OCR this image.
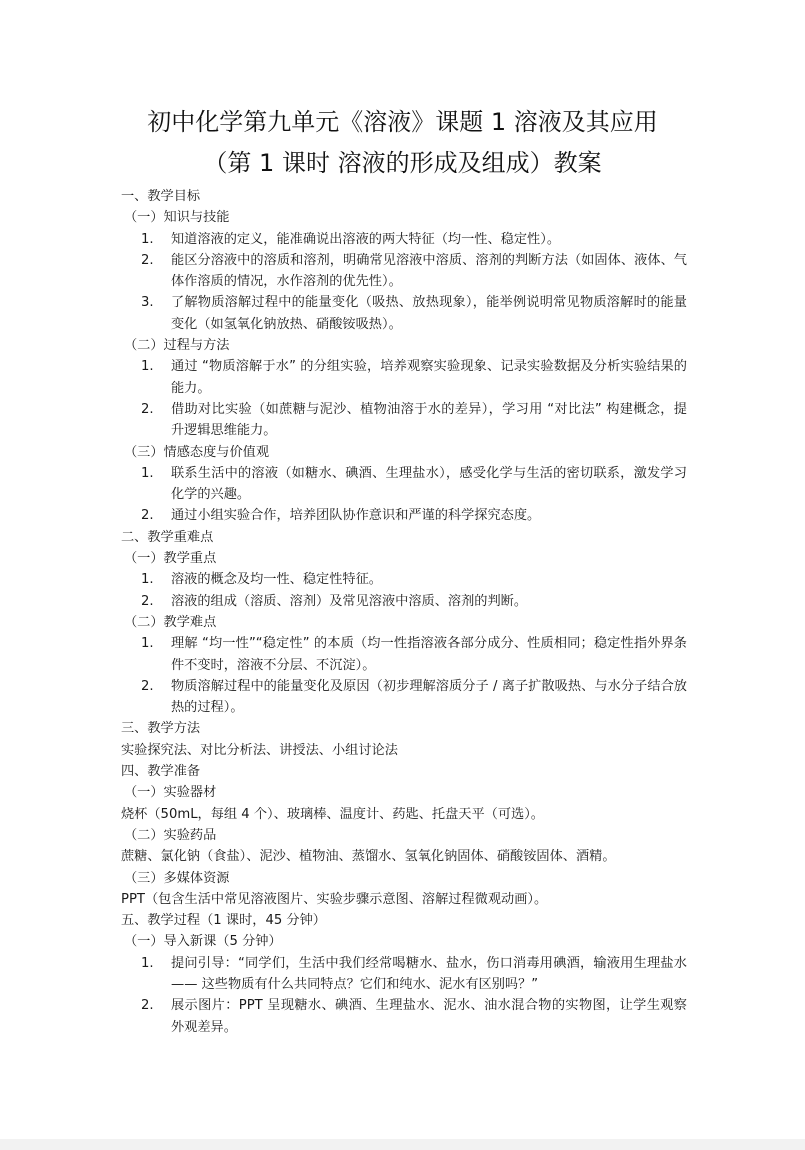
初中化学第九单元《溶液》课题 1 溶液及其应用
（第 1 课时 溶液的形成及组成）教案
一、教学目标
（一）知识与技能
1.	知道溶液的定义，能准确说出溶液的两大特征（均一性、稳定性）。
2.	能区分溶液中的溶质和溶剂，明确常见溶液中溶质、溶剂的判断方法（如固体、液体、气体作溶质的情况，水作溶剂的优先性）。
3.	了解物质溶解过程中的能量变化（吸热、放热现象），能举例说明常见物质溶解时的能量变化（如氢氧化钠放热、硝酸铵吸热）。
（二）过程与方法
1.	通过 “物质溶解于水” 的分组实验，培养观察实验现象、记录实验数据及分析实验结果的能力。
2.	借助对比实验（如蔗糖与泥沙、植物油溶于水的差异），学习用 “对比法” 构建概念，提升逻辑思维能力。
（三）情感态度与价值观
1.	联系生活中的溶液（如糖水、碘酒、生理盐水），感受化学与生活的密切联系，激发学习化学的兴趣。
2.	通过小组实验合作，培养团队协作意识和严谨的科学探究态度。
二、教学重难点
（一）教学重点
1.	溶液的概念及均一性、稳定性特征。
2.	溶液的组成（溶质、溶剂）及常见溶液中溶质、溶剂的判断。
（二）教学难点
1.	理解 “均一性”“稳定性” 的本质（均一性指溶液各部分成分、性质相同；稳定性指外界条件不变时，溶液不分层、不沉淀）。
2.	物质溶解过程中的能量变化及原因（初步理解溶质分子 / 离子扩散吸热、与水分子结合放热的过程）。
三、教学方法
实验探究法、对比分析法、讲授法、小组讨论法
四、教学准备
（一）实验器材
烧杯（50mL，每组 4 个）、玻璃棒、温度计、药匙、托盘天平（可选）。
（二）实验药品
蔗糖、氯化钠（食盐）、泥沙、植物油、蒸馏水、氢氧化钠固体、硝酸铵固体、酒精。
（三）多媒体资源
PPT（包含生活中常见溶液图片、实验步骤示意图、溶解过程微观动画）。
五、教学过程（1 课时，45 分钟）
（一）导入新课（5 分钟）
1.	提问引导：“同学们，生活中我们经常喝糖水、盐水，伤口消毒用碘酒，输液用生理盐水 —— 这些物质有什么共同特点？它们和纯水、泥水有区别吗？”
2.	展示图片：PPT 呈现糖水、碘酒、生理盐水、泥水、油水混合物的实物图，让学生观察外观差异。
